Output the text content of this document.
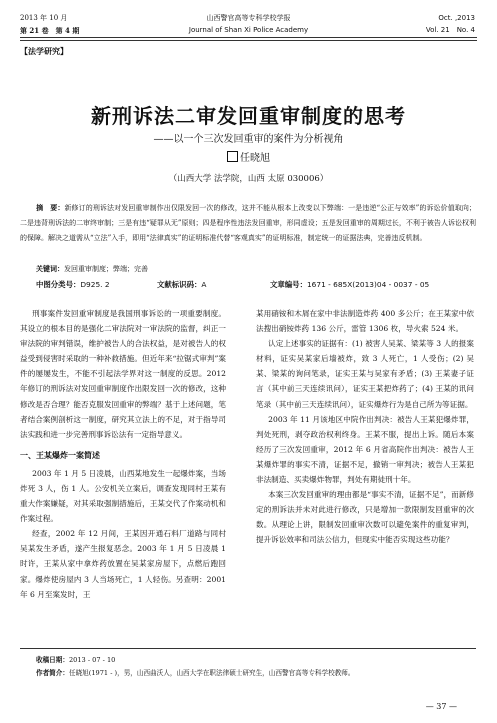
2013 年 10 月
第 21 卷　第 4 期
山西警官高等专科学校学报
Journal of Shan Xi Police Academy
Oct. ,2013
Vol. 21　No. 4
【法学研究】
新刑诉法二审发回重审制度的思考
——以一个三次发回重审的案件为分析视角
任晓旭
（山西大学 法学院，山西 太原 030006）
摘　要：新修订的刑诉法对发回重审制作出仅限发回一次的修改，这并不能从根本上改变以下弊端：一是违逆“公正与效率”的诉讼价值取向；二是违背刑诉法的二审终审制；三是有违“疑罪从无”原则；四是程序性违法发回重审，形同虚设；五是发回重审的周期过长，不利于被告人诉讼权利的保障。解决之道需从“立法”入手，即用“法律真实”的证明标准代替“客观真实”的证明标准，制定统一的证据法典，完善违反机制。
关键词：发回重审制度；弊端；完善
中图分类号：D925. 2	文献标识码：A	文章编号：1671 - 685X(2013)04 - 0037 - 05

刑事案件发回重审制度是我国刑事诉讼的一项重要制度。其设立的根本目的是强化二审法院对一审法院的监督，纠正一审法院的审判错误，维护被告人的合法权益，是对被告人的权益受到侵害时采取的一种补救措施。但近年来“拉锯式审判”案件的屡屡发生，不能不引起法学界对这一制度的反思。2012 年修订的刑诉法对发回重审制度作出限发回一次的修改，这种修改是否合理？能否克服发回重审的弊端？基于上述问题，笔者结合案例剖析这一制度，研究其立法上的不足，对于指导司法实践和进一步完善刑事诉讼法有一定指导意义。

一、王某爆炸一案简述

2003 年 1 月 5 日凌晨，山西某地发生一起爆炸案，当场炸死 3 人，伤 1 人。公安机关立案后，调查发现同村王某有重大作案嫌疑，对其采取强制措施后，王某交代了作案动机和作案过程。

经查，2002 年 12 月间，王某因开通石料厂道路与同村吴某发生矛盾，遂产生报复恶念。2003 年 1 月 5 日凌晨 1 时许，王某从家中拿炸药放置在吴某家房屋下，点燃后跑回家。爆炸使房屋内 3 人当场死亡，1 人轻伤。另查明：2001 年 6 月至案发时，王

某用硝铵和木屑在家中非法制造炸药 400 多公斤；在王某家中依法搜出硝铵炸药 136 公斤，雷管 1306 枚，导火索 524 米。

认定上述事实的证据有：(1) 被害人吴某、梁某等 3 人的报案材料，证实吴某家后墙被炸，致 3 人死亡，1 人受伤；(2) 吴某、梁某的询问笔录，证实王某与吴家有矛盾；(3) 王某妻子证言（其中前三天连续讯问），证实王某把炸药了；(4) 王某的讯问笔录（其中前三天连续讯问），证实爆炸行为是自己所为等证据。

2003 年 11 月该地区中院作出判决：被告人王某犯爆炸罪，判处死刑，剥夺政治权利终身。王某不服，提出上诉。随后本案经历了三次发回重审，2012 年 6 月省高院作出判决：被告人王某爆炸罪的事实不清，证据不足，撤销一审判决；被告人王某犯非法制造、买卖爆炸物罪，判处有期徒刑十年。

本案三次发回重审的理由都是“事实不清，证据不足”，而新修定的刑诉法并未对此进行修改，只是增加一款限制发回重审的次数。从理论上讲，限制发回重审次数可以避免案件的重复审判，提升诉讼效率和司法公信力，但现实中能否实现这些功能？

收稿日期：2013 - 07 - 10
作者简介：任晓旭(1971 - )，男，山西曲沃人，山西大学在职法律硕士研究生，山西警官高等专科学校教师。
— 37 —
